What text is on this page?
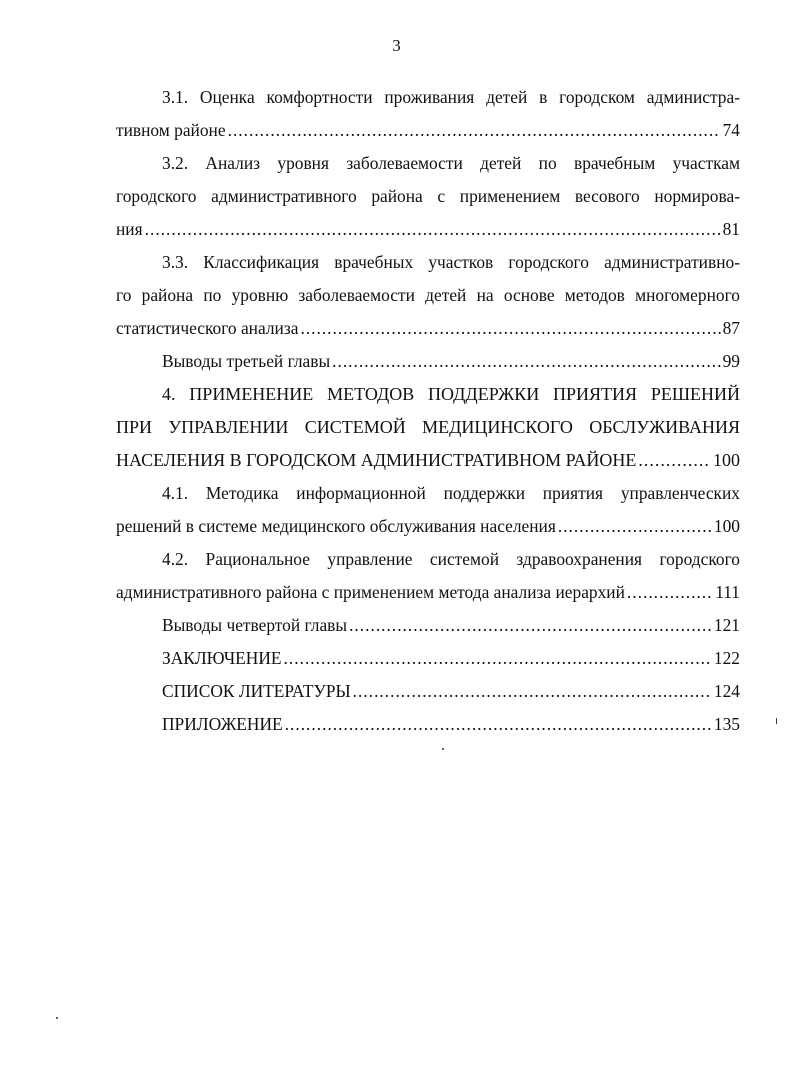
3
3.1. Оценка комфортности проживания детей в городском администра-
тивном районе .....	74
3.2. Анализ уровня заболеваемости детей по врачебным участкам
городского административного района с применением весового нормирова-
ния .....	81
3.3. Классификация врачебных участков городского административно-
го района по уровню заболеваемости детей на основе методов многомерного
статистического анализа .....	87
Выводы третьей главы .....	99
4. ПРИМЕНЕНИЕ МЕТОДОВ ПОДДЕРЖКИ ПРИЯТИЯ РЕШЕНИЙ
ПРИ УПРАВЛЕНИИ СИСТЕМОЙ МЕДИЦИНСКОГО ОБСЛУЖИВАНИЯ
НАСЕЛЕНИЯ В ГОРОДСКОМ АДМИНИСТРАТИВНОМ РАЙОНЕ .....	100
4.1. Методика информационной поддержки приятия управленческих
решений в системе медицинского обслуживания населения .....	100
4.2. Рациональное управление системой здравоохранения городского
административного района с применением метода анализа иерархий .....	111
Выводы четвертой главы .....	121
ЗАКЛЮЧЕНИЕ .....	122
СПИСОК ЛИТЕРАТУРЫ .....	124
ПРИЛОЖЕНИЕ .....	135
